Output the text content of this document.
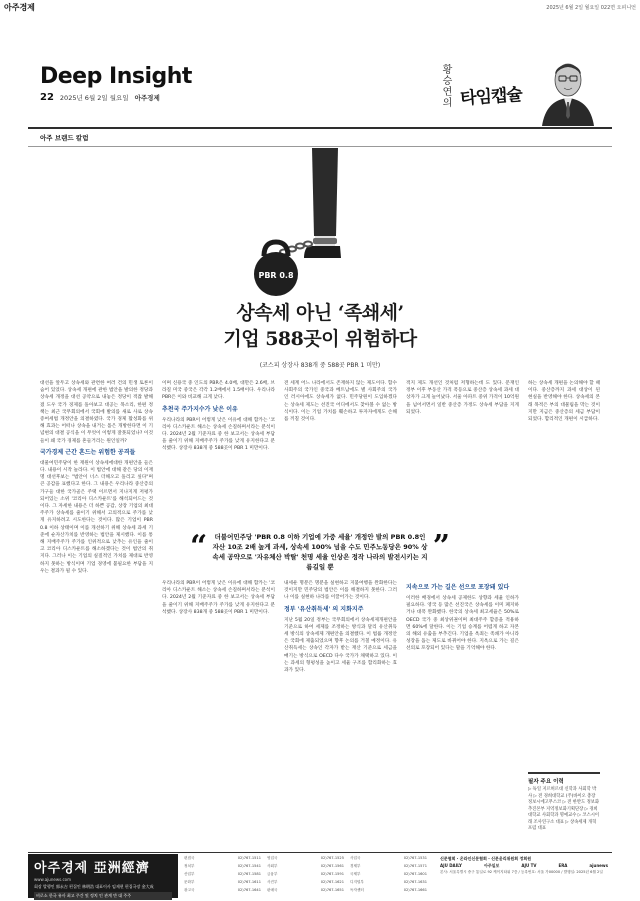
아주경제	2025년 6월 2일 월요일 022면 오피니언
Deep Insight
22 2025년 6월 2일 월요일 아주경제	황승연의 타임캡슐
아주 브랜드 칼럼
PBR 0.8
상속세 아닌 ‘족쇄세’
기업 588곳이 위험하다
(코스피 상장사 838개 중 588곳 PBR 1 미만)

대선을 앞두고 상속세와 관련한 여러 건의 민생 토론이 숨어 있었다. 상속세 개편에 관한 법안을 발의한 정당과 상속세 개정을 대선 공약으로 내놓은 정당이 적잖 발해졌 도우 국가 경제를 돌아보고 대공는 목소리, 한편 정책는 최근 국무회의에서 국회에 발의를 새로 사로 상속증여세법 개정안을 의결하였다. 국가 경제 활성화를 위해 효과는 어떠나 상속을 내거는 틀은 개방한다면 이 기념현의 대결 공식을 이 무엇이 이렇게 잘못되었나? 이것들이 왜 국가 경제를 흔들거리는 원인일까?

국가경제 근간 흔드는 위험한 공격들

대물여민주당이 한 재원이 상속세에대한 개편안을 들은 다. 내용이 시작 놀라다. 이 법안에 대해 같은 당의 이재명 대선후보는 "법안이 너스 더해오고 돌리고 싶다"며 큰 공감을 표했다고 한다. 그 내용은 우리나라 중산층의 가구들 대한 국가골은 주택 이르면서 지나지게 저평가 되어있는 소위 '코리아 디스카운트'를 해석되어드는 것이다. 그 자세한 내용은 더 하쁜 공감, 상장 기업의 최대주주가 상속세를 줄이기 위해서 고의적으로 주가를 낮게 유지하려고 시도한다는 것이다. 많은 기업이 PBR 0.8 이하 상태이며 이를 개선하기 위해 상속세 과세 기준에 순자산가치를 반영하는 법안을 제시했다. 이를 통해 지배주주가 주가를 인위적으로 낮추는 유인을 줄이고 코리아 디스카운트를 해소하겠다는 것이 법안의 취지다. 그러나 이는 기업의 실질적인 가치를 제대로 반영하지 못하는 방식이며 기업 경영에 불필요한 부담을 지우는 결과가 될 수 있다.

이며 신용국 중 인도의 PBR은 4.0배, 대만은 2.6배, 브라질 미국 중국은 각각 1.2배에서 1.5배이다. 우리나라 PBR은 이와 비교해 크게 낮다.

추천국 주가지수가 낮은 이유

우리나라의 PBR이 어렇게 낮은 이유에 대해 함카는 '코리아 디스카운트 해소는 상속세 손질하며서라는 분석이다. 2024년 2월 기준자료 중 한 보고서는 상속세 부담을 줄이기 위해 지배주주가 주가를 낮게 유지한다고 분석했다. 상장사 838개 중 588곳이 PBR 1 미만이다.

전 세계 어느 나라에서도 존재하지 않는 제도이다. 함수 사회주의 국가인 중국과 베트남에도 별 사회주의 국가인 러시아에도 상속세가 없다. 민주당원이 도입하겠다는 상속세 제도는 선진국 어디에서도 찾아볼 수 없는 방식이다. 이는 기업 가치를 훼손하고 투자자에게도 손해를 끼칠 것이다.

적지 제도 개선인 것처럼 저형하는데 도 있다. 문재인 정부 이후 부동산 가격 폭등으로 중산층 상속세 과세 대상자가 크게 늘어났다. 서울 아파트 중위 가격이 10억원을 넘어서면서 일반 중산층 가정도 상속세 부담을 지게 되었다.

하는 상속세 개편을 논의해야 할 때이다. 중산층까지 과세 대상이 된 현실을 반영해야 한다. 상속세의 본래 목적은 부의 대물림을 막는 것이지만 지금은 중산층의 세금 부담이 되었다. 합리적인 개편이 시급하다.

“	더불어민주당 'PBR 0.8 이하 기업에 가중 세율' 개정안 발의 PBR 0.8인 자산 10조 2배 높게 과세, 상속세 100% 넘을 수도 민주노동당은 90% 상속세 공약으로 '자유체산 박탈' 천명 세율 인상은 정작 나라의 발전시키는 지름길일 뿐
”

우리나라의 PBR이 어렇게 낮은 이유에 대해 함카는 '코리아 디스카운트 해소는 상속세 손질하며서라는 분석이다. 2024년 2월 기준자료 중 한 보고서는 상속세 부담을 줄이기 위해 지배주주가 주가를 낮게 유지한다고 분석했다. 상장사 838개 중 588곳이 PBR 1 미만이다.

내세운 명분은 명분을 실현하고 지불여행을 완화한다는 것이지만 민주당의 법안은 이를 해결하지 못한다. 그러나 이를 실현하 나라를 이끌어가는 것이다.

정부 '유산취득세' 의 지화지주

지난 5월 20일 정부는 국무회의에서 상속세제개편안을 기준으로 하여 세제를 조정하는 방식과 달리 유산취득세 방식의 상속세제 개편안을 의결했다. 이 법률 개정안은 국회에 제출되었으며 향후 논의를 거칠 예정이다. 유산취득세는 상속인 각자가 받는 재산 기준으로 세금을 매기는 방식으로 OECD 다수 국가가 채택하고 있다. 이는 과세의 형평성을 높이고 세율 구조를 합리화하는 효과가 있다.

지속으로 가는 길은 선으로 포장돼 있다

이러한 배경에서 상속세 공제한도 상향과 세율 인하가 필요하다. 영국 등 많은 선진국은 상속세를 이미 폐지하거나 대폭 완화했다. 한국의 상속세 최고세율은 50%로 OECD 국가 중 최상위권이며 최대주주 할증을 적용하면 60%에 달한다. 이는 기업 승계를 어렵게 하고 자본의 해외 유출을 부추긴다. 기업을 옥죄는 족쇄가 아니라 성장을 돕는 제도로 바뀌어야 한다. 지옥으로 가는 길은 선의로 포장되어 있다는 말을 기억해야 한다.

필자 주요 이력
▷ 독일 지르허르대 신학과 사회학 박사 ▷ 전 경희대학교 (주)바이오 총장 정보시에고무스코 ▷ 전 한반도 정보화추진본부 지역정보화기획단장 ▷ 경희대학교 사회학과 명예교수 ▷ 코스시이래 조사연구소 대표 ▷ 상속세제 개혁포럼 대표
아주경제 亞洲經濟
www.ajunews.com
회장 발행인 郭永吉 편집인 林明浩 대표이사 임제현 편집국장 金大成
비로소 한국 유사 최고 주간 및 정치 인 관계 만 대 주주
편집국	02)767-1511 영업국	02)767-1525 사업국	02)767-1531
정치부	02)767-1541 사회부	02)767-1561 경제부	02)767-1571
산업부	02)767-1581 금융부	02)767-1591 국제부	02)767-1601
문화부	02)767-1611 사진부	02)767-1621 디지털부	02)767-1631
광고국	02)767-1641 판매국	02)767-1651 독자센터	02)767-1661
신문협회 · 온라인신문협회 · 신문윤리위원회 정회원
AJU DAILY	아주일보	AJU TV	ERA	ajunews
본사: 서울특별시 중구 통일로 92 케이지타워 7층 / 등록번호: 서울 가00000 / 발행일: 2025년 6월 2일
